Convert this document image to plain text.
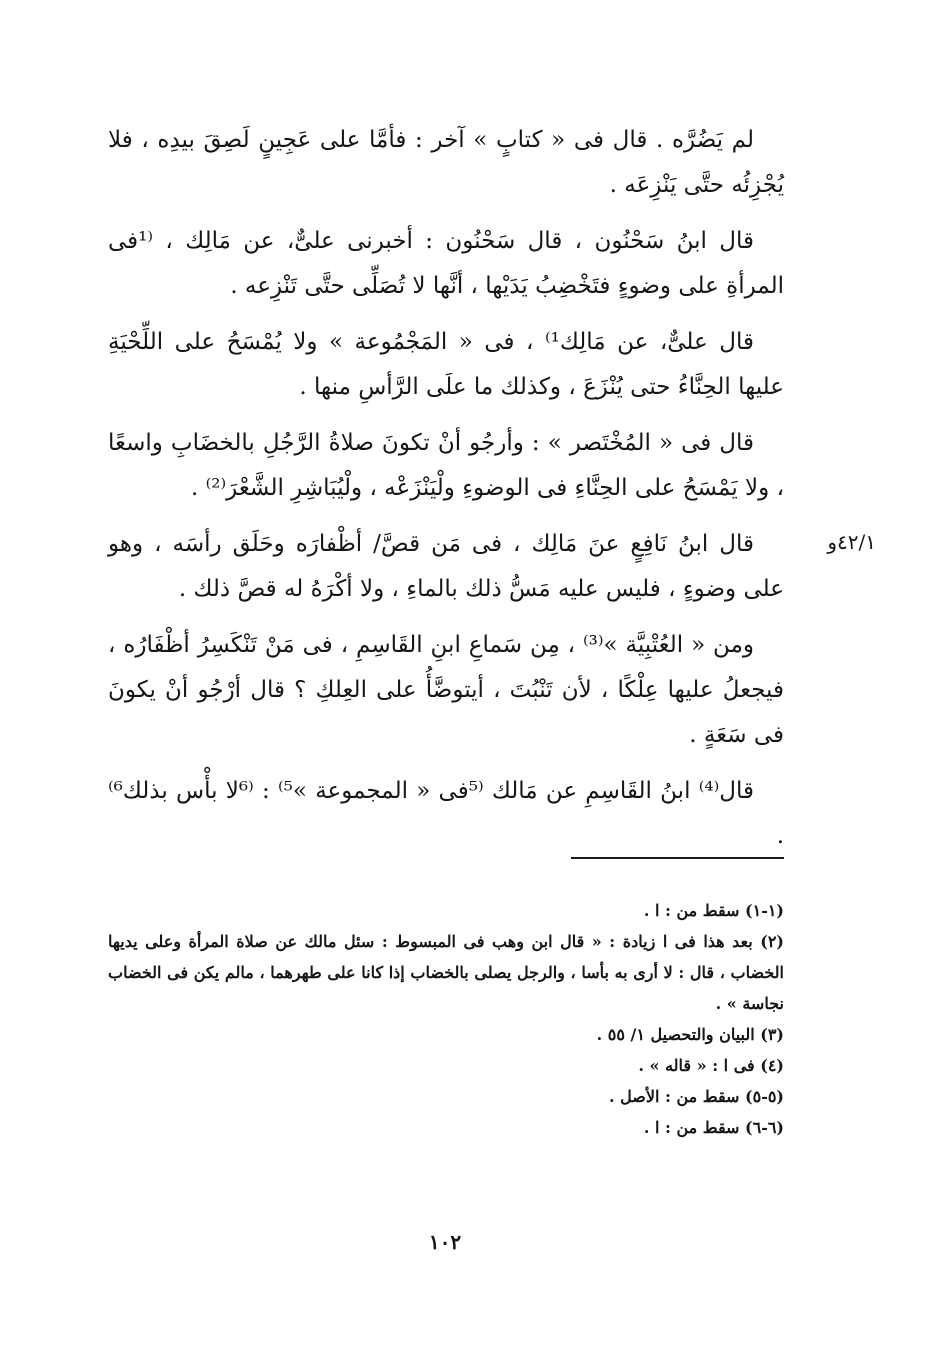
لم يَضُرَّه . قال فى « كتابٍ » آخر : فأمَّا على عَجِينٍ لَصِقَ بيدِه ، فلا يُجْزِئُه حتَّى يَنْزِعَه .

قال ابنُ سَحْنُون ، قال سَحْنُون : أخبرنى علىٌّ، عن مَالِك ، ⁽¹فى المرأةِ على وضوءٍ فتَخْضِبُ يَدَيْها ، أنَّها لا تُصَلِّى حتَّى تَنْزِعه .

قال علىٌّ، عن مَالِك¹⁾ ، فى « المَجْمُوعة » ولا يُمْسَحُ على اللِّحْيَةِ عليها الحِنَّاءُ حتى يُنْزَعَ ، وكذلك ما علَى الرَّأسِ منها .

قال فى « المُخْتَصر » : وأرجُو أنْ تكونَ صلاةُ الرَّجُلِ بالخضَابِ واسعًا ، ولا يَمْسَحُ على الحِنَّاءِ فى الوضوءِ ولْيَنْزَعْه ، ولْيُبَاشِرِ الشَّعْرَ⁽²⁾ .

قال ابنُ نَافِعٍ عنَ مَالِك ، فى مَن قصَّ/ أظْفارَه وحَلَق رأسَه ، وهو على وضوءٍ ، فليس عليه مَسُّ ذلك بالماءِ ، ولا أكْرَهُ له قصَّ ذلك .

ومن « العُتْبِيَّة »⁽³⁾ ، مِن سَماعِ ابنِ القَاسِمِ ، فى مَنْ تَنْكَسِرُ أظْفَارُه ، فيجعلُ عليها عِلْكًا ، لأن تَنْبُتَ ، أيتوضَّأُ على العِلكِ ؟ قال أرْجُو أنْ يكونَ فى سَعَةٍ .

قال⁽⁴⁾ ابنُ القَاسِمِ عن مَالك ⁽⁵فى « المجموعة »⁵⁾ : ⁽⁶لا بأْس بذلك⁶⁾ .

٤٢/١و

(١-١) سقط من : ا .

(٢) بعد هذا فى ا زيادة : « قال ابن وهب فى المبسوط : سئل مالك عن صلاة المرأة وعلى يديها الخضاب ، قال : لا أرى به بأسا ، والرجل يصلى بالخضاب إذا كانا على طهرهما ، مالم يكن فى الخضاب نجاسة » .

(٣) البيان والتحصيل ١/ ٥٥ .

(٤) فى ا : « قاله » .

(٥-٥) سقط من : الأصل .

(٦-٦) سقط من : ا .

١٠٢
